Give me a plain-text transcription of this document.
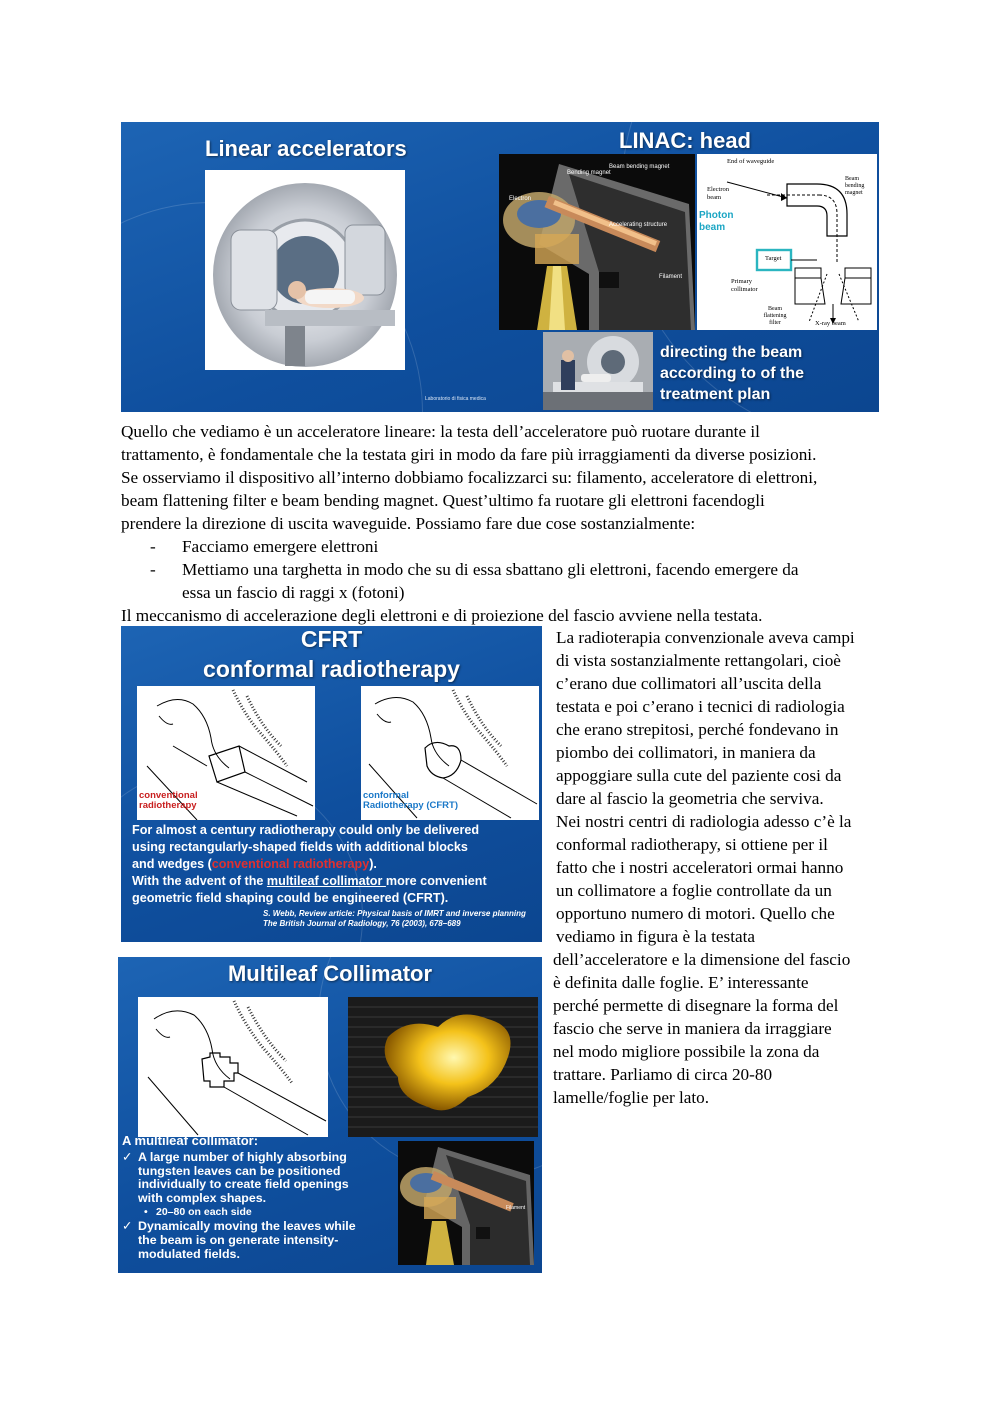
Linear accelerators	LINAC: head
Bending magnet
Electron
Accelerating structure
Beam bending magnet
Filament
End of waveguide
Electron beam
Beam bending magnet
Photon beam
Target
Primary collimator
Beam flattening filter	X-ray beam
directing the beam
according to of the
treatment plan
Laboratorio di fisica medica

Quello che vediamo è un acceleratore lineare: la testa dell’acceleratore può ruotare durante il

trattamento, è fondamentale che la testata giri in modo da fare più irraggiamenti da diverse posizioni.

Se osserviamo il dispositivo all’interno dobbiamo focalizzarci su: filamento, acceleratore di elettroni,

beam flattening filter e beam bending magnet. Quest’ultimo fa ruotare gli elettroni facendogli

prendere la direzione di uscita waveguide. Possiamo fare due cose sostanzialmente:

- Facciamo emergere elettroni
- Mettiamo una targhetta in modo che su di essa sbattano gli elettroni, facendo emergere da
essa un fascio di raggi x (fotoni)
Il meccanismo di accelerazione degli elettroni e di proiezione del fascio avviene nella testata.
CFRT
conformal radiotherapy
conventional
radiotherapy
conformal
Radiotherapy (CFRT)
For almost a century radiotherapy could only be delivered
using rectangularly-shaped fields with additional blocks
and wedges (conventional radiotherapy).
With the advent of the multileaf collimator more convenient
geometric field shaping could be engineered (CFRT).
S. Webb, Review article: Physical basis of IMRT and inverse planning
The British Journal of Radiology, 76 (2003), 678–689

La radioterapia convenzionale aveva campi

di vista sostanzialmente rettangolari, cioè

c’erano due collimatori all’uscita della

testata e poi c’erano i tecnici di radiologia

che erano strepitosi, perché fondevano in

piombo dei collimatori, in maniera da

appoggiare sulla cute del paziente cosi da

dare al fascio la geometria che serviva.

Nei nostri centri di radiologia adesso c’è la

conformal radiotherapy, si ottiene per il

fatto che i nostri acceleratori ormai hanno

un collimatore a foglie controllate da un

opportuno numero di motori. Quello che

vediamo in figura è la testata

dell’acceleratore e la dimensione del fascio

è definita dalle foglie. E’ interessante

perché permette di disegnare la forma del

fascio che serve in maniera da irraggiare

nel modo migliore possibile la zona da

trattare. Parliamo di circa 20-80

lamelle/foglie per lato.

Multileaf Collimator
A multileaf collimator:
✓ A large number of highly absorbing
tungsten leaves can be positioned
individually to create field openings
with complex shapes.
• 20–80 on each side
✓ Dynamically moving the leaves while
the beam is on generate intensity-
modulated fields.
Filament
